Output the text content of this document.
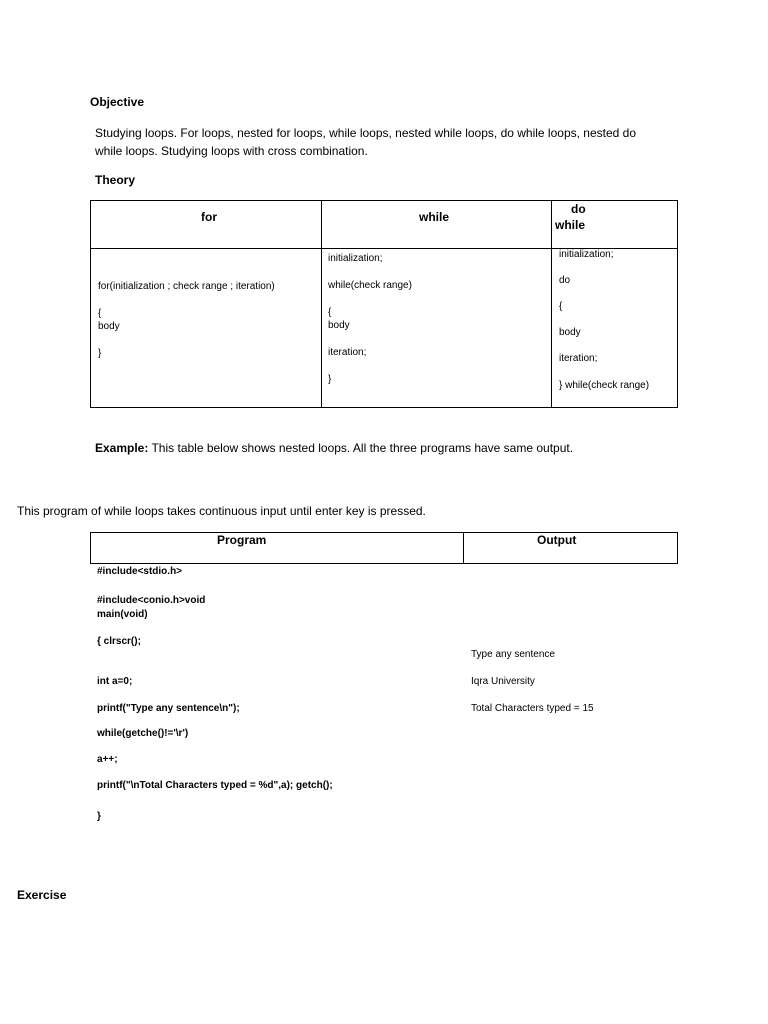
Objective
Studying loops. For loops, nested for loops, while loops, nested while loops, do while loops, nested do
while loops. Studying loops with cross combination.
Theory
for	while
do
while
for(initialization ; check range ; iteration)
{
body
}
initialization;
while(check range)
{
body
iteration;
}
initialization;
do
{
body
iteration;
} while(check range)
Example: This table below shows nested loops. All the three programs have same output.
This program of while loops takes continuous input until enter key is pressed.
Program	Output
#include<stdio.h>
#include<conio.h>void
main(void)
{ clrscr();
int a=0;
printf("Type any sentence\n");
while(getche()!='\r')
a++;
printf("\nTotal Characters typed = %d",a); getch();
}
Type any sentence
Iqra University
Total Characters typed = 15
Exercise
